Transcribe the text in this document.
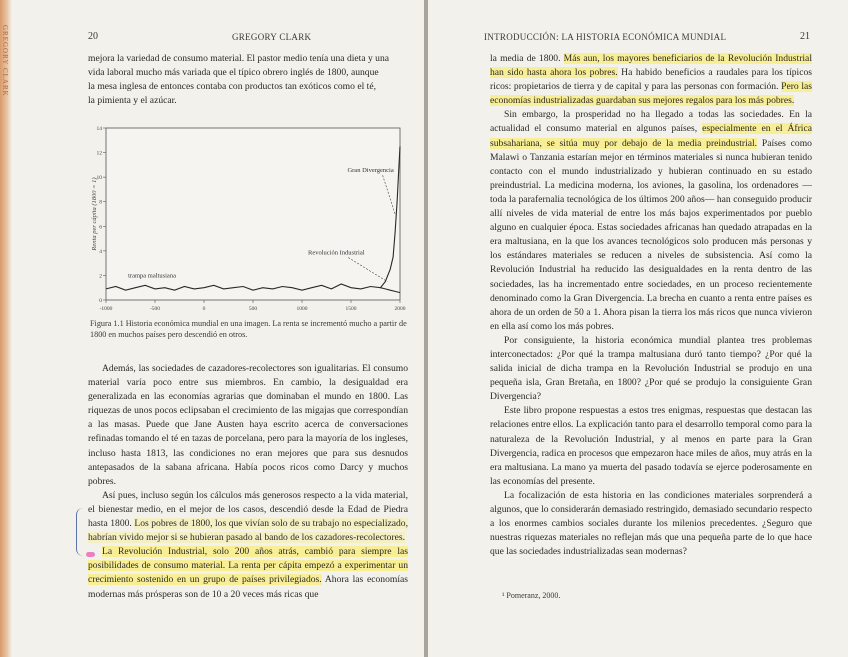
GREGORY CLARK	20	GREGORY CLARK
mejora la variedad de consumo material. El pastor medio tenía una dieta y una
vida laboral mucho más variada que el típico obrero inglés de 1800, aunque
la mesa inglesa de entonces contaba con productos tan exóticos como el té,
la pimienta y el azúcar.
0
2
4
6
8
10
12
14
-1000	-500	0	500	1000	1500	2000
Renta per cápita (1800 = 1)
Gran Divergencia
Revolución Industrial
trampa maltusiana
Figura 1.1 Historia económica mundial en una imagen. La renta se incrementó mucho a partir de 1800 en muchos países pero descendió en otros.

Además, las sociedades de cazadores-recolectores son igualitarias. El consumo material varía poco entre sus miembros. En cambio, la desigualdad era generalizada en las economías agrarias que dominaban el mundo en 1800. Las riquezas de unos pocos eclipsaban el crecimiento de las migajas que correspondían a las masas. Puede que Jane Austen haya escrito acerca de conversaciones refinadas tomando el té en tazas de porcelana, pero para la mayoría de los ingleses, incluso hasta 1813, las condiciones no eran mejores que para sus desnudos antepasados de la sabana africana. Había pocos ricos como Darcy y muchos pobres.

Así pues, incluso según los cálculos más generosos respecto a la vida material, el bienestar medio, en el mejor de los casos, descendió desde la Edad de Piedra hasta 1800. Los pobres de 1800, los que vivían solo de su trabajo no especializado, habrían vivido mejor si se hubieran pasado al bando de los cazadores-recolectores.

La Revolución Industrial, solo 200 años atrás, cambió para siempre las posibilidades de consumo material. La renta per cápita empezó a experimentar un crecimiento sostenido en un grupo de países privilegiados. Ahora las economías modernas más prósperas son de 10 a 20 veces más ricas que

INTRODUCCIÓN: LA HISTORIA ECONÓMICA MUNDIAL	21

la media de 1800. Más aun, los mayores beneficiarios de la Revolución Industrial han sido hasta ahora los pobres. Ha habido beneficios a raudales para los típicos ricos: propietarios de tierra y de capital y para las personas con formación. Pero las economías industrializadas guardaban sus mejores regalos para los más pobres.

Sin embargo, la prosperidad no ha llegado a todas las sociedades. En la actualidad el consumo material en algunos países, especialmente en el África subsahariana, se sitúa muy por debajo de la media preindustrial. Países como Malawi o Tanzania estarían mejor en términos materiales si nunca hubieran tenido contacto con el mundo industrializado y hubieran continuado en su estado preindustrial. La medicina moderna, los aviones, la gasolina, los ordenadores —toda la parafernalia tecnológica de los últimos 200 años— han conseguido producir allí niveles de vida material de entre los más bajos experimentados por pueblo alguno en cualquier época. Estas sociedades africanas han quedado atrapadas en la era maltusiana, en la que los avances tecnológicos solo producen más personas y los estándares materiales se reducen a niveles de subsistencia. Así como la Revolución Industrial ha reducido las desigualdades en la renta dentro de las sociedades, las ha incrementado entre sociedades, en un proceso recientemente denominado como la Gran Divergencia. La brecha en cuanto a renta entre países es ahora de un orden de 50 a 1. Ahora pisan la tierra los más ricos que nunca vivieron en ella así como los más pobres.

Por consiguiente, la historia económica mundial plantea tres problemas interconectados: ¿Por qué la trampa maltusiana duró tanto tiempo? ¿Por qué la salida inicial de dicha trampa en la Revolución Industrial se produjo en una pequeña isla, Gran Bretaña, en 1800? ¿Por qué se produjo la consiguiente Gran Divergencia?

Este libro propone respuestas a estos tres enigmas, respuestas que destacan las relaciones entre ellos. La explicación tanto para el desarrollo temporal como para la naturaleza de la Revolución Industrial, y al menos en parte para la Gran Divergencia, radica en procesos que empezaron hace miles de años, muy atrás en la era maltusiana. La mano ya muerta del pasado todavía se ejerce poderosamente en las economías del presente.

La focalización de esta historia en las condiciones materiales sorprenderá a algunos, que lo considerarán demasiado restringido, demasiado secundario respecto a los enormes cambios sociales durante los milenios precedentes. ¿Seguro que nuestras riquezas materiales no reflejan más que una pequeña parte de lo que hace que las sociedades industrializadas sean modernas?

¹ Pomeranz, 2000.
